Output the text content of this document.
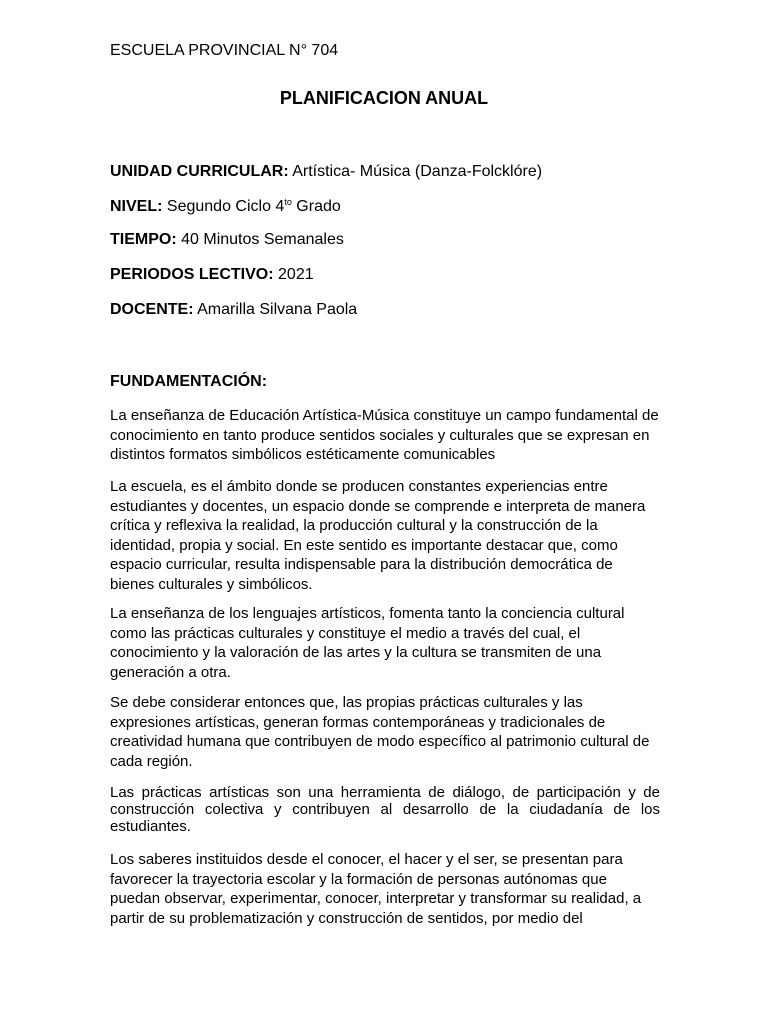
ESCUELA PROVINCIAL N° 704
PLANIFICACION ANUAL
UNIDAD CURRICULAR: Artística- Música (Danza-Folcklóre)
NIVEL: Segundo Ciclo $4^{to}$ Grado
TIEMPO: 40 Minutos Semanales
PERIODOS LECTIVO: 2021
DOCENTE: Amarilla Silvana Paola
FUNDAMENTACIÓN:
La enseñanza de Educación Artística-Música constituye un campo fundamental de conocimiento en tanto produce sentidos sociales y culturales que se expresan en distintos formatos simbólicos estéticamente comunicables
La escuela, es el ámbito donde se producen constantes experiencias entre estudiantes y docentes, un espacio donde se comprende e interpreta de manera crítica y reflexiva la realidad, la producción cultural y la construcción de la identidad, propia y social. En este sentido es importante destacar que, como espacio curricular, resulta indispensable para la distribución democrática de bienes culturales y simbólicos.
La enseñanza de los lenguajes artísticos, fomenta tanto la conciencia cultural como las prácticas culturales y constituye el medio a través del cual, el conocimiento y la valoración de las artes y la cultura se transmiten de una generación a otra.
Se debe considerar entonces que, las propias prácticas culturales y las expresiones artísticas, generan formas contemporáneas y tradicionales de creatividad humana que contribuyen de modo específico al patrimonio cultural de cada región.
Las prácticas artísticas son una herramienta de diálogo, de participación y de construcción colectiva y contribuyen al desarrollo de la ciudadanía de los estudiantes.
Los saberes instituidos desde el conocer, el hacer y el ser, se presentan para favorecer la trayectoria escolar y la formación de personas autónomas que puedan observar, experimentar, conocer, interpretar y transformar su realidad, a partir de su problematización y construcción de sentidos, por medio del
